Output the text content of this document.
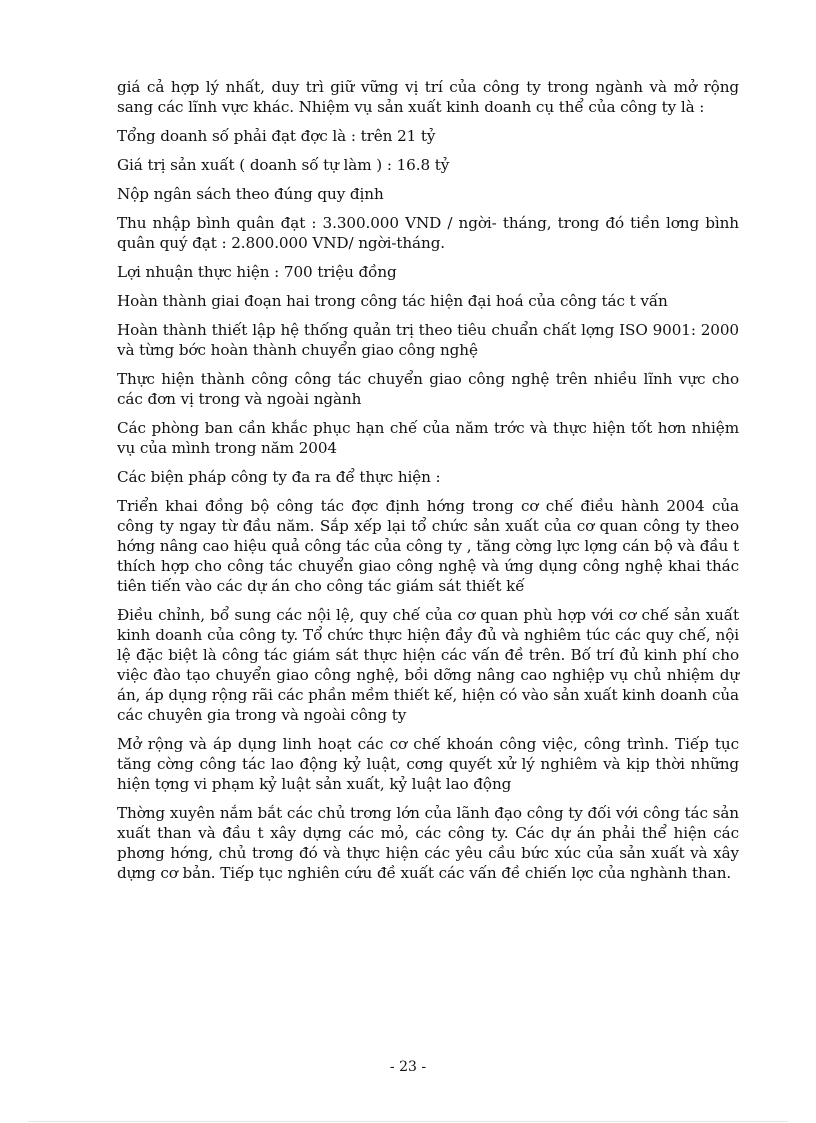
giá cả hợp lý nhất, duy trì giữ vững vị trí của công ty trong ngành và mở rộng sang các lĩnh vực khác. Nhiệm vụ sản xuất kinh doanh cụ thể của công ty là :

Tổng doanh số phải đạt đợc là : trên 21 tỷ

Giá trị sản xuất ( doanh số tự làm ) : 16.8 tỷ

Nộp ngân sách theo đúng quy định

Thu nhập bình quân đạt : 3.300.000 VND / ngời- tháng, trong đó tiền lơng bình quân quý đạt : 2.800.000 VND/ ngời-tháng.

Lợi nhuận thực hiện : 700 triệu đồng

Hoàn thành giai đoạn hai trong công tác hiện đại hoá của công tác t vấn

Hoàn thành thiết lập hệ thống quản trị theo tiêu chuẩn chất lợng ISO 9001: 2000 và từng bớc hoàn thành chuyển giao công nghệ

Thực hiện thành công công tác chuyển giao công nghệ trên nhiều lĩnh vực cho các đơn vị trong và ngoài ngành

Các phòng ban cần khắc phục hạn chế của năm trớc và thực hiện tốt hơn nhiệm vụ của mình trong năm 2004

Các biện pháp công ty đa ra để thực hiện :

Triển khai đồng bộ công tác đợc định hớng trong cơ chế điều hành 2004 của công ty ngay từ đầu năm. Sắp xếp lại tổ chức sản xuất của cơ quan công ty theo hớng nâng cao hiệu quả công tác của công ty , tăng cờng lực lợng cán bộ và đầu t thích hợp cho công tác chuyển giao công nghệ và ứng dụng công nghệ khai thác tiên tiến vào các dự án cho công tác giám sát thiết kế

Điều chỉnh, bổ sung các nội lệ, quy chế của cơ quan phù hợp với cơ chế sản xuất kinh doanh của công ty. Tổ chức thực hiện đầy đủ và nghiêm túc các quy chế, nội lệ đặc biệt là công tác giám sát thực hiện các vấn đề trên. Bố trí đủ kinh phí cho việc đào tạo chuyển giao công nghệ, bồi dỡng nâng cao nghiệp vụ chủ nhiệm dự án, áp dụng rộng rãi các phần mềm thiết kế, hiện có vào sản xuất kinh doanh của các chuyên gia trong và ngoài công ty

Mở rộng và áp dụng linh hoạt các cơ chế khoán công việc, công trình. Tiếp tục tăng cờng công tác lao động kỷ luật, cơng quyết xử lý nghiêm và kịp thời những hiện tợng vi phạm kỷ luật sản xuất, kỷ luật lao động

Thờng xuyên nắm bắt các chủ trơng lớn của lãnh đạo công ty đối với công tác sản xuất than và đầu t xây dựng các mỏ, các công ty. Các dự án phải thể hiện các phơng hớng, chủ trơng đó và thực hiện các yêu cầu bức xúc của sản xuất và xây dựng cơ bản. Tiếp tục nghiên cứu đề xuất các vấn đề chiến lợc của nghành than.

- 23 -
